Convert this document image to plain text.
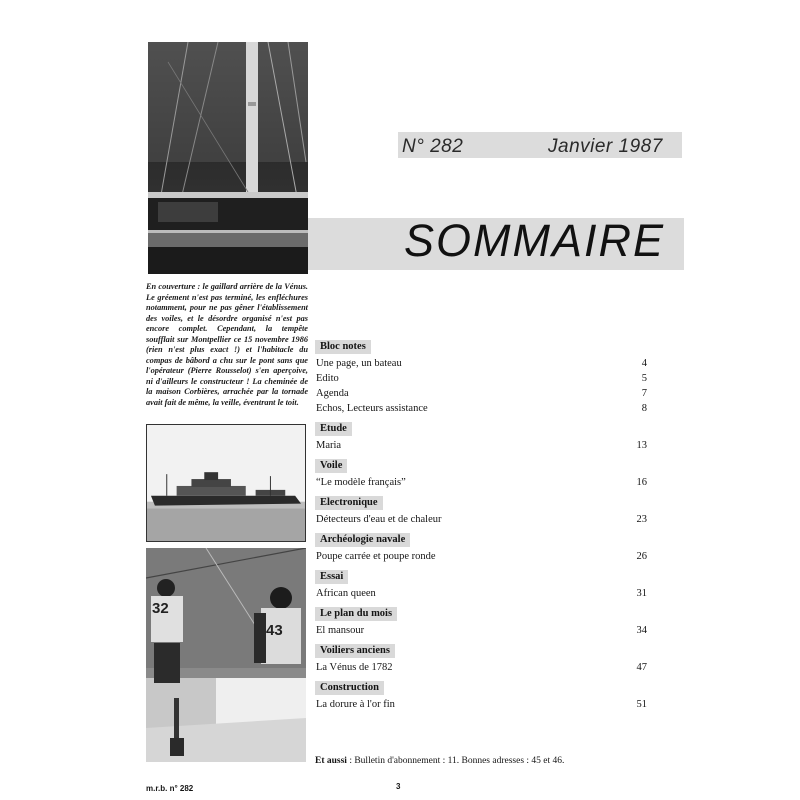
N° 282	Janvier 1987
SOMMAIRE
En couverture : le gaillard arrière de la Vénus. Le gréement n'est pas terminé, les enfléchures notamment, pour ne pas gêner l'établissement des voiles, et le désordre organisé n'est pas encore complet. Cependant, la tempête soufflait sur Montpellier ce 15 novembre 1986 (rien n'est plus exact !) et l'habitacle du compas de bâbord a chu sur le pont sans que l'opérateur (Pierre Rousselot) s'en aperçoive, ni d'ailleurs le constructeur ! La cheminée de la maison Corbières, arrachée par la tornade avait fait de même, la veille, éventrant le toit.
32
43
Bloc notes
Une page, un bateau	4
Edito	5
Agenda	7
Echos, Lecteurs assistance	8
Etude
Maria	13
Voile
“Le modèle français”	16
Electronique
Détecteurs d'eau et de chaleur	23
Archéologie navale
Poupe carrée et poupe ronde	26
Essai
African queen	31
Le plan du mois
El mansour	34
Voiliers anciens
La Vénus de 1782	47
Construction
La dorure à l'or fin	51
Et aussi : Bulletin d'abonnement : 11. Bonnes adresses : 45 et 46.
m.r.b. n° 282	3
